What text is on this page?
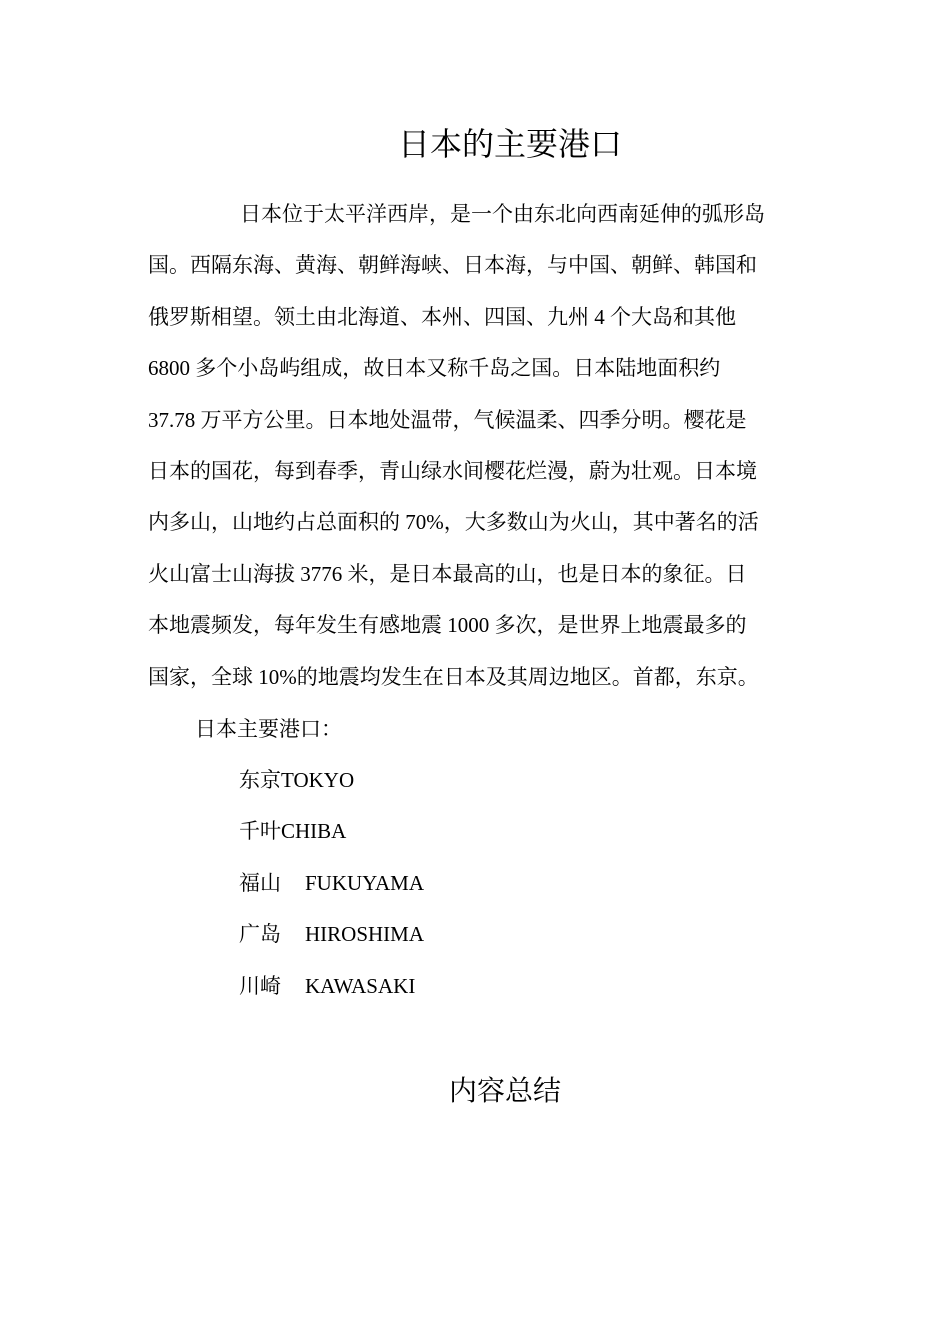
日本的主要港口
日本位于太平洋西岸，是一个由东北向西南延伸的弧形岛
国。西隔东海、黄海、朝鲜海峡、日本海，与中国、朝鲜、韩国和
俄罗斯相望。领土由北海道、本州、四国、九州 4 个大岛和其他
6800 多个小岛屿组成，故日本又称千岛之国。日本陆地面积约
37.78 万平方公里。日本地处温带，气候温柔、四季分明。樱花是
日本的国花，每到春季，青山绿水间樱花烂漫，蔚为壮观。日本境
内多山，山地约占总面积的 70%，大多数山为火山，其中著名的活
火山富士山海拔 3776 米，是日本最高的山，也是日本的象征。日
本地震频发，每年发生有感地震 1000 多次，是世界上地震最多的
国家，全球 10%的地震均发生在日本及其周边地区。首都，东京。
日本主要港口：
东京TOKYO
千叶CHIBA
福山 FUKUYAMA
广岛 HIROSHIMA
川崎 KAWASAKI
内容总结
